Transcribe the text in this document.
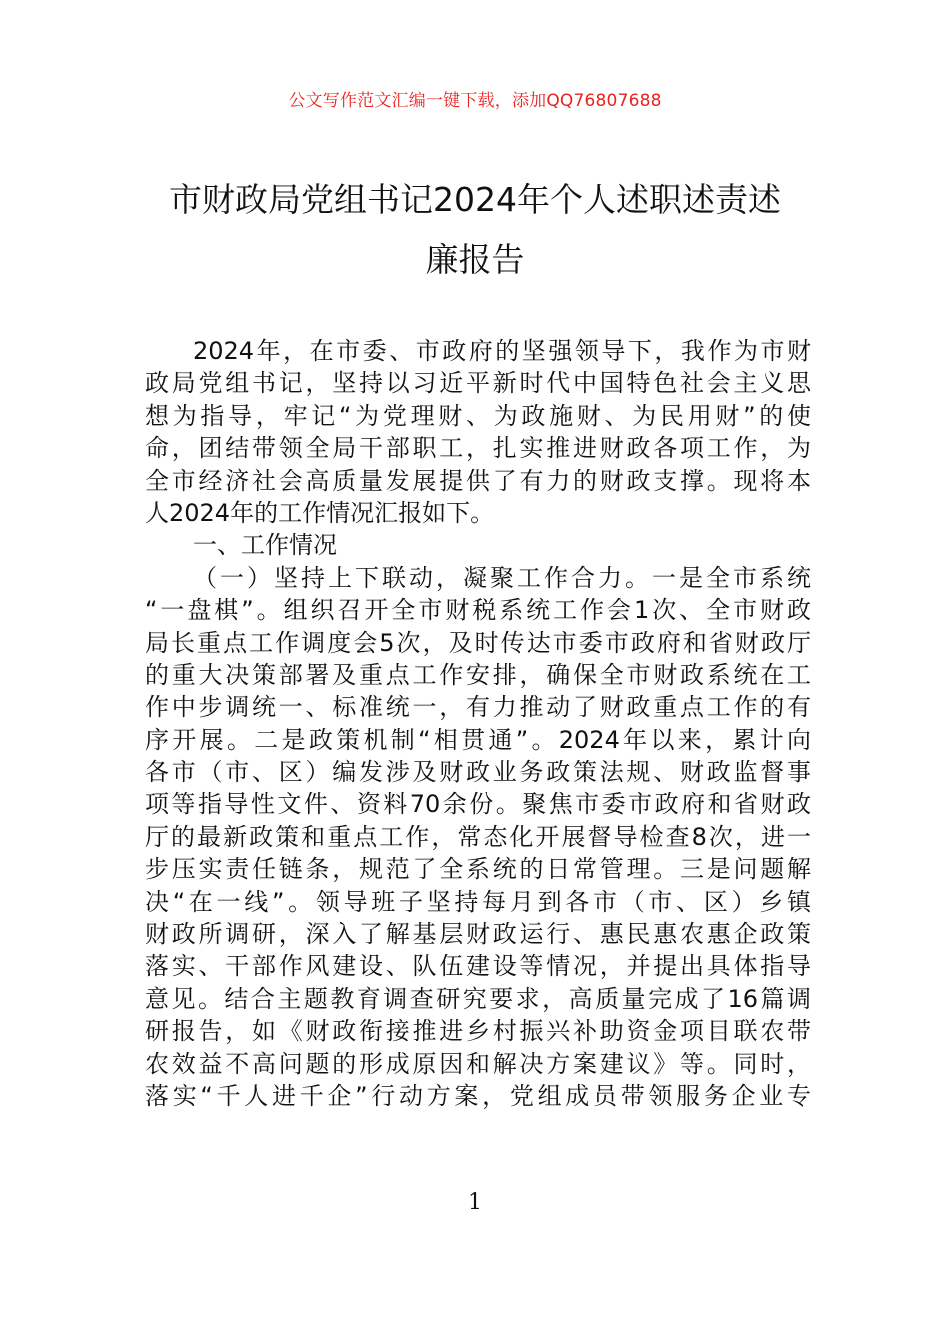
公文写作范文汇编一键下载，添加QQ76807688
市财政局党组书记2024年个人述职述责述
廉报告
2024年，在市委、市政府的坚强领导下，我作为市财
政局党组书记，坚持以习近平新时代中国特色社会主义思
想为指导，牢记“为党理财、为政施财、为民用财”的使
命，团结带领全局干部职工，扎实推进财政各项工作，为
全市经济社会高质量发展提供了有力的财政支撑。现将本
人2024年的工作情况汇报如下。
一、工作情况
（一）坚持上下联动，凝聚工作合力。一是全市系统
“一盘棋”。组织召开全市财税系统工作会1次、全市财政
局长重点工作调度会5次，及时传达市委市政府和省财政厅
的重大决策部署及重点工作安排，确保全市财政系统在工
作中步调统一、标准统一，有力推动了财政重点工作的有
序开展。二是政策机制“相贯通”。2024年以来，累计向
各市（市、区）编发涉及财政业务政策法规、财政监督事
项等指导性文件、资料70余份。聚焦市委市政府和省财政
厅的最新政策和重点工作，常态化开展督导检查8次，进一
步压实责任链条，规范了全系统的日常管理。三是问题解
决“在一线”。领导班子坚持每月到各市（市、区）乡镇
财政所调研，深入了解基层财政运行、惠民惠农惠企政策
落实、干部作风建设、队伍建设等情况，并提出具体指导
意见。结合主题教育调查研究要求，高质量完成了16篇调
研报告，如《财政衔接推进乡村振兴补助资金项目联农带
农效益不高问题的形成原因和解决方案建议》等。同时，
落实“千人进千企”行动方案，党组成员带领服务企业专
1
